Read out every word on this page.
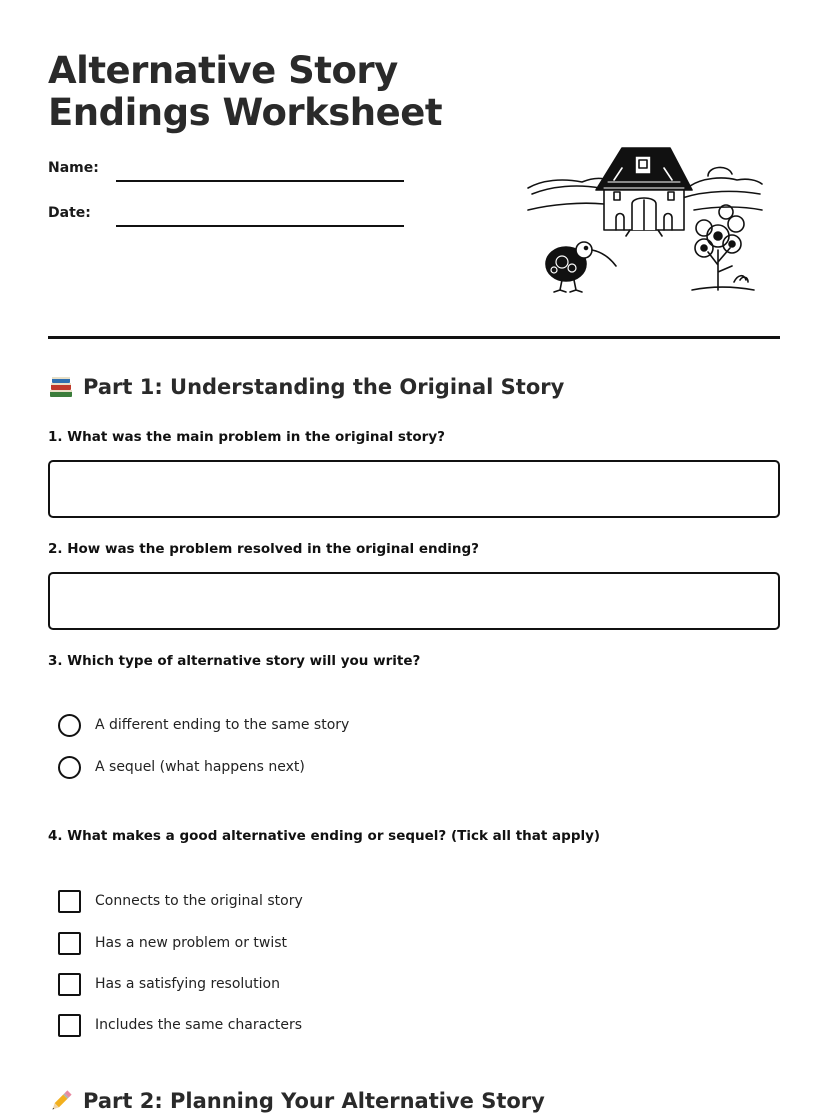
Alternative Story
Endings Worksheet
Name:
Date:
Part 1: Understanding the Original Story
1. What was the main problem in the original story?
2. How was the problem resolved in the original ending?
3. Which type of alternative story will you write?
A different ending to the same story
A sequel (what happens next)
4. What makes a good alternative ending or sequel? (Tick all that apply)
Connects to the original story
Has a new problem or twist
Has a satisfying resolution
Includes the same characters
Part 2: Planning Your Alternative Story
